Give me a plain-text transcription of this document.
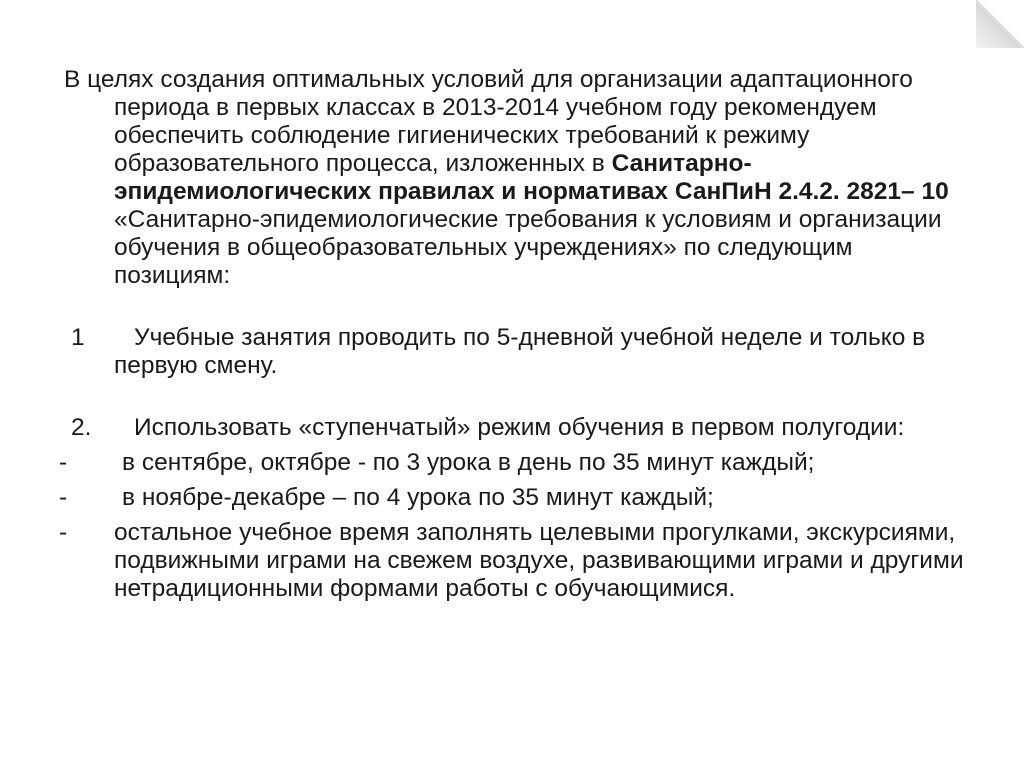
В целях создания оптимальных условий для организации адаптационного периода в первых классах в 2013-2014 учебном году рекомендуем обеспечить соблюдение гигиенических требований к режиму образовательного процесса, изложенных в Санитарно-эпидемиологических правилах и нормативах СанПиН 2.4.2. 2821– 10 «Санитарно-эпидемиологические требования к условиям и организации обучения в общеобразовательных учреждениях» по следующим позициям:

1 Учебные занятия проводить по 5-дневной учебной неделе и только в первую смену.
2. Использовать «ступенчатый» режим обучения в первом полугодии:
- в сентябре, октябре - по 3 урока в день по 35 минут каждый;
- в ноябре-декабре – по 4 урока по 35 минут каждый;
- остальное учебное время заполнять целевыми прогулками, экскурсиями, подвижными играми на свежем воздухе, развивающими играми и другими нетрадиционными формами работы с обучающимися.
